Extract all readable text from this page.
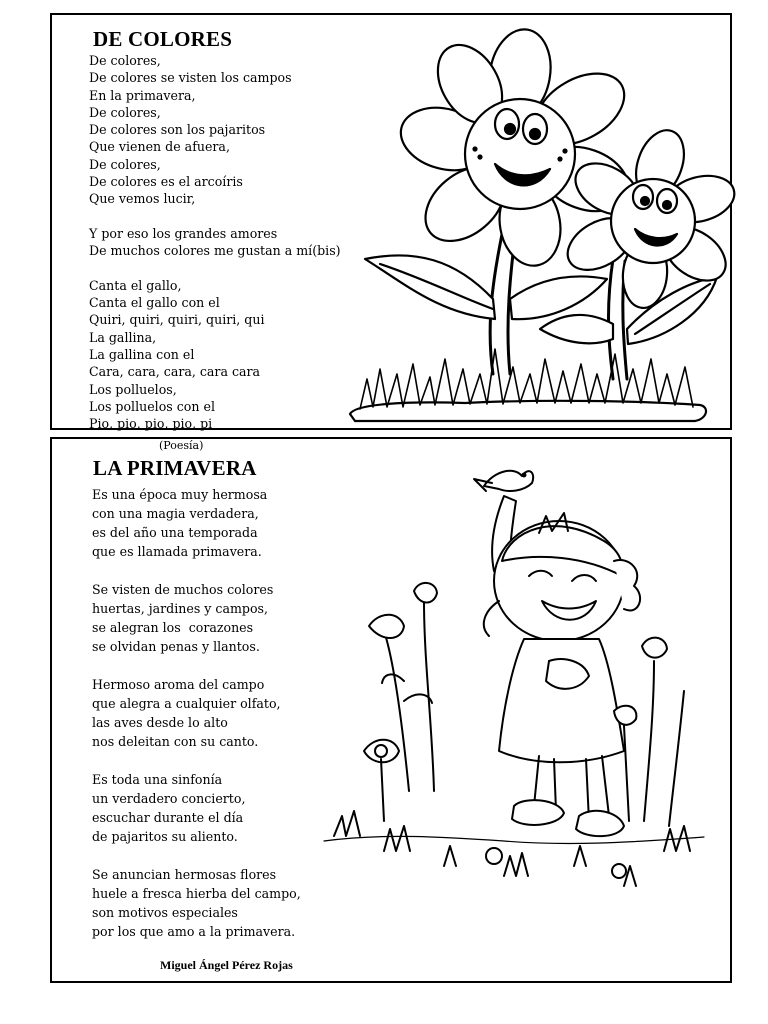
DE COLORES
De colores,
De colores se visten los campos
En la primavera,
De colores,
De colores son los pajaritos
Que vienen de afuera,
De colores,
De colores es el arcoíris
Que vemos lucir,
Y por eso los grandes amores
De muchos colores me gustan a mí(bis)
Canta el gallo,
Canta el gallo con el
Quiri, quiri, quiri, quiri, qui
La gallina,
La gallina con el
Cara, cara, cara, cara cara
Los polluelos,
Los polluelos con el
Pio, pio, pio, pio, pi
(Poesía)
LA PRIMAVERA
Es una época muy hermosa
con una magia verdadera,
es del año una temporada
que es llamada primavera.
Se visten de muchos colores
huertas, jardines y campos,
se alegran los  corazones
se olvidan penas y llantos.
Hermoso aroma del campo
que alegra a cualquier olfato,
las aves desde lo alto
nos deleitan con su canto.
Es toda una sinfonía
un verdadero concierto,
escuchar durante el día
de pajaritos su aliento.
Se anuncian hermosas flores
huele a fresca hierba del campo,
son motivos especiales
por los que amo a la primavera.
Miguel Ángel Pérez Rojas
